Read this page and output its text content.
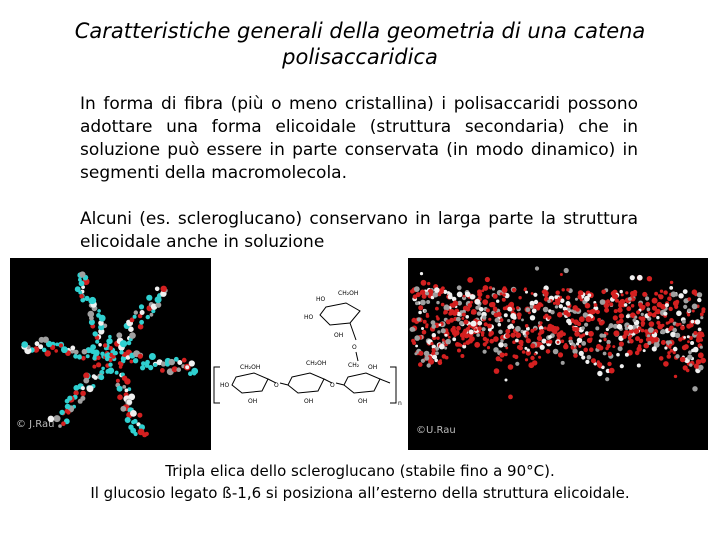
Caratteristiche generali della geometria di una catena polisaccaridica
In forma di fibra (più o meno cristallina) i polisaccaridi possono adottare una forma elicoidale (struttura secondaria) che in soluzione può essere in parte conservata (in modo dinamico) in segmenti della macromolecola.
Alcuni (es. scleroglucano) conservano in larga parte la struttura elicoidale anche in soluzione
© J.Rau
HO
CH₂OH
HO
OH
O
CH₂
n
O	O
CH₂OH
CH₂OH
HO
OH	OH	OH
OH
©U.Rau
Tripla elica dello scleroglucano (stabile fino a 90°C).
Il glucosio legato ß-1,6 si posiziona all’esterno della struttura elicoidale.
